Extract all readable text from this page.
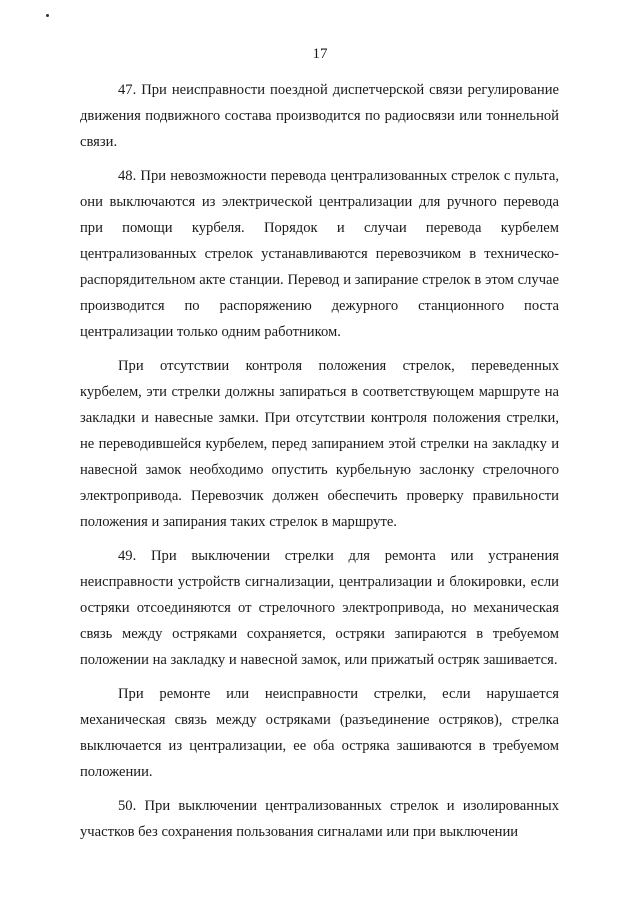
17

47. При неисправности поездной диспетчерской связи регулирование движения подвижного состава производится по радиосвязи или тоннельной связи.

48. При невозможности перевода централизованных стрелок с пульта, они выключаются из электрической централизации для ручного перевода при помощи курбеля. Порядок и случаи перевода курбелем централизованных стрелок устанавливаются перевозчиком в техническо-распорядительном акте станции. Перевод и запирание стрелок в этом случае производится по распоряжению дежурного станционного поста централизации только одним работником.

При отсутствии контроля положения стрелок, переведенных курбелем, эти стрелки должны запираться в соответствующем маршруте на закладки и навесные замки. При отсутствии контроля положения стрелки, не переводившейся курбелем, перед запиранием этой стрелки на закладку и навесной замок необходимо опустить курбельную заслонку стрелочного электропривода. Перевозчик должен обеспечить проверку правильности положения и запирания таких стрелок в маршруте.

49. При выключении стрелки для ремонта или устранения неисправности устройств сигнализации, централизации и блокировки, если остряки отсоединяются от стрелочного электропривода, но механическая связь между остряками сохраняется, остряки запираются в требуемом положении на закладку и навесной замок, или прижатый остряк зашивается.

При ремонте или неисправности стрелки, если нарушается механическая связь между остряками (разъединение остряков), стрелка выключается из централизации, ее оба остряка зашиваются в требуемом положении.

50. При выключении централизованных стрелок и изолированных участков без сохранения пользования сигналами или при выключении
